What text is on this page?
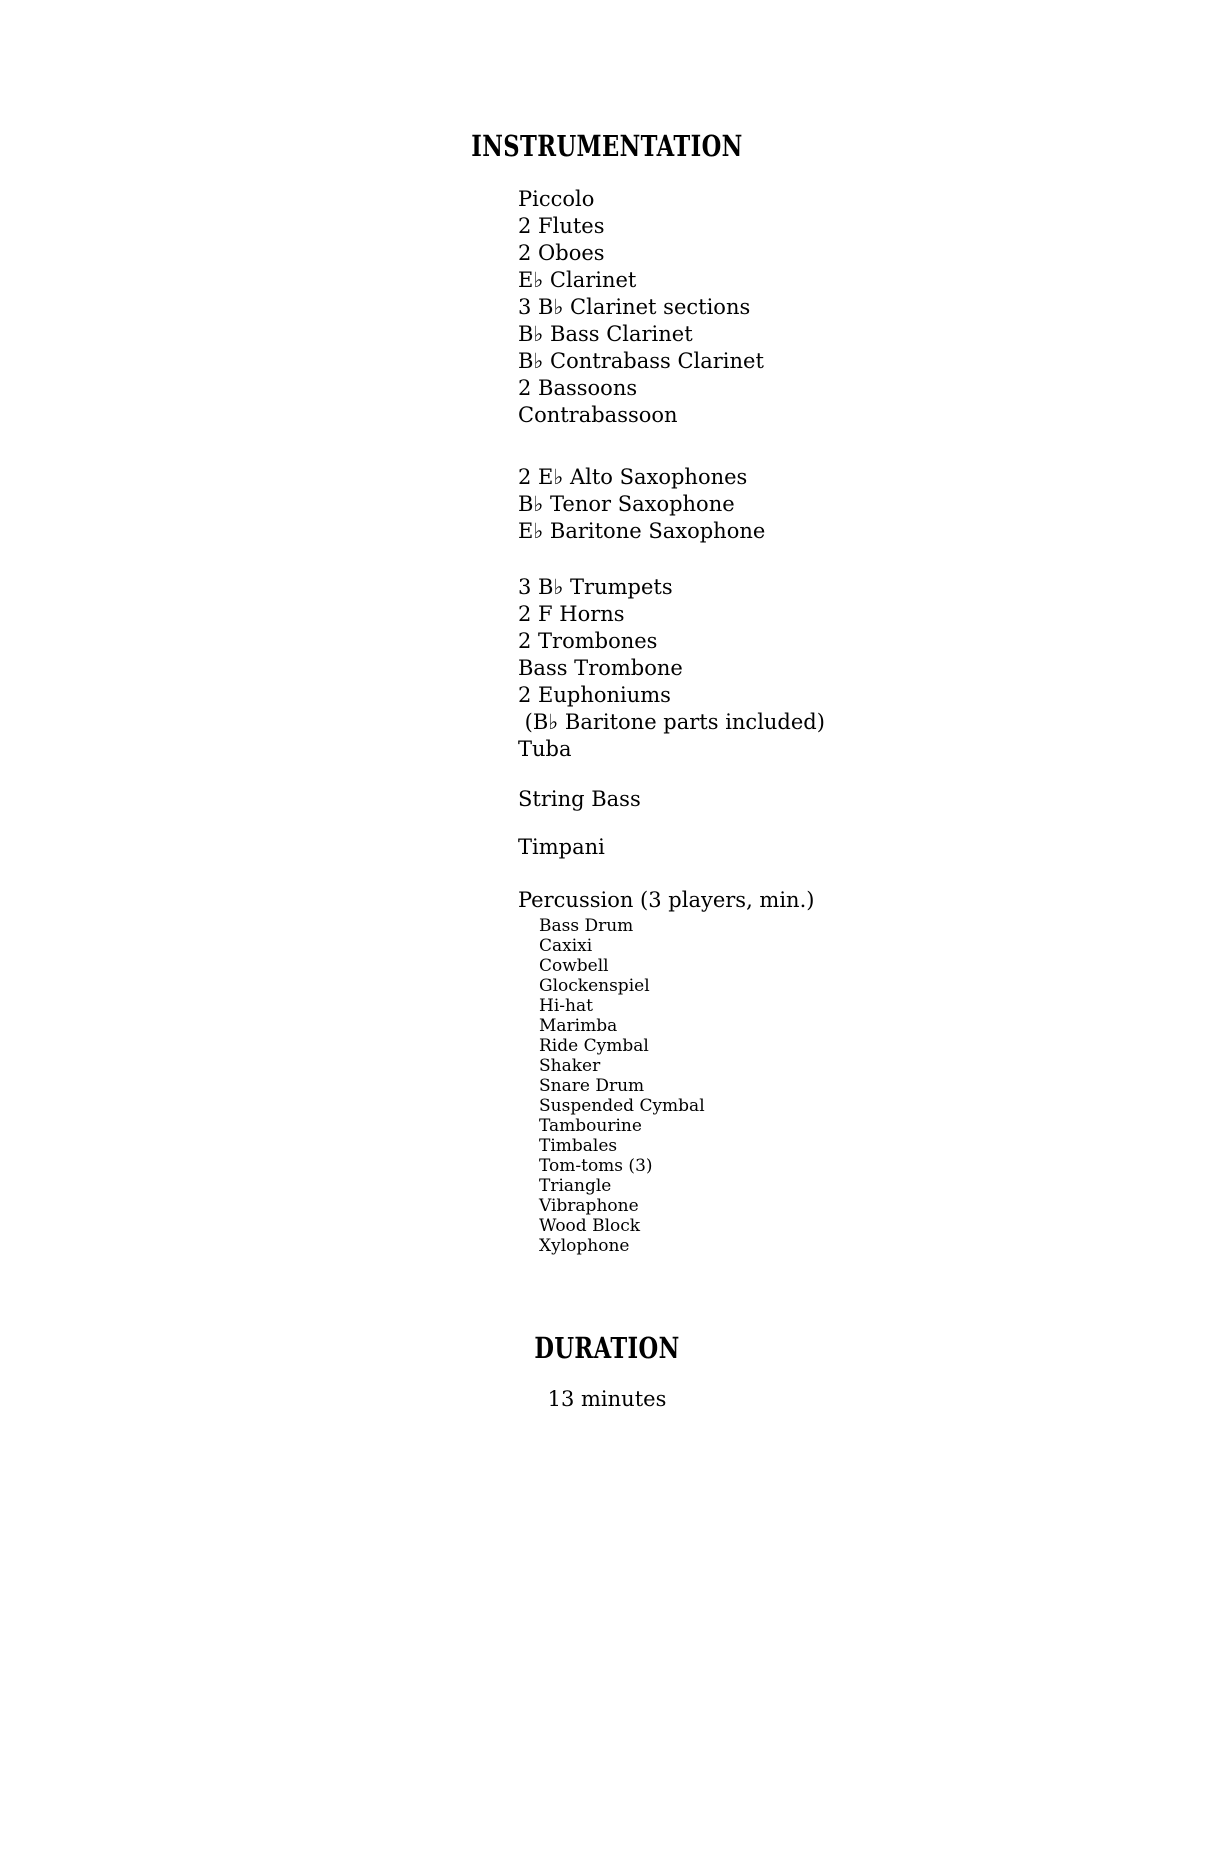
INSTRUMENTATION
Piccolo
2 Flutes
2 Oboes
E♭ Clarinet
3 B♭ Clarinet sections
B♭ Bass Clarinet
B♭ Contrabass Clarinet
2 Bassoons
Contrabassoon
2 E♭ Alto Saxophones
B♭ Tenor Saxophone
E♭ Baritone Saxophone
3 B♭ Trumpets
2 F Horns
2 Trombones
Bass Trombone
2 Euphoniums
(B♭ Baritone parts included)
Tuba
String Bass
Timpani
Percussion (3 players, min.)
Bass Drum
Caxixi
Cowbell
Glockenspiel
Hi-hat
Marimba
Ride Cymbal
Shaker
Snare Drum
Suspended Cymbal
Tambourine
Timbales
Tom-toms (3)
Triangle
Vibraphone
Wood Block
Xylophone
DURATION
13 minutes
